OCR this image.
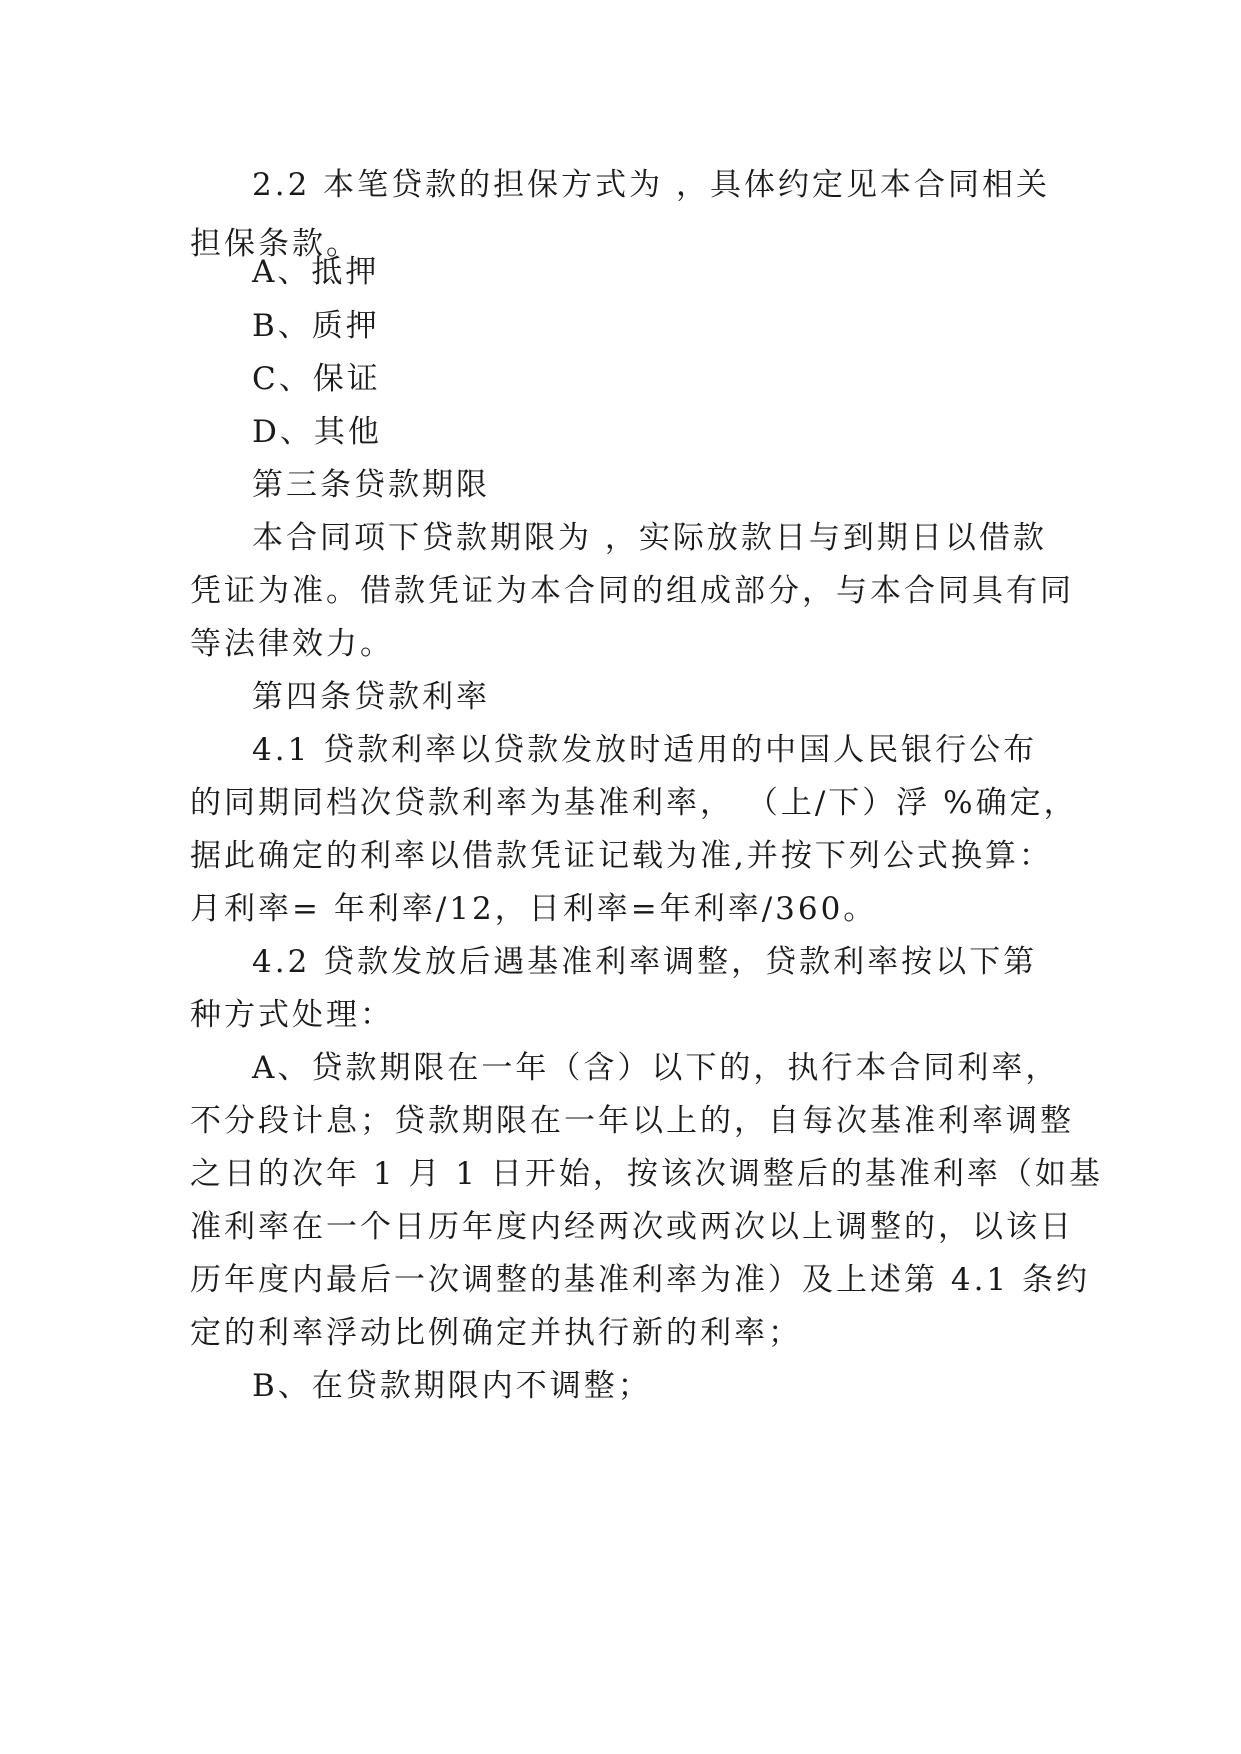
2.2 本笔贷款的担保方式为 ，具体约定见本合同相关
担保条款。
A、抵押
B、质押
C、保证
D、其他
第三条贷款期限
本合同项下贷款期限为 ，实际放款日与到期日以借款
凭证为准。借款凭证为本合同的组成部分，与本合同具有同
等法律效力。
第四条贷款利率
4.1 贷款利率以贷款发放时适用的中国人民银行公布
的同期同档次贷款利率为基准利率， （上/下）浮 %确定，
据此确定的利率以借款凭证记载为准,并按下列公式换算：
月利率= 年利率/12，日利率=年利率/360。
4.2 贷款发放后遇基准利率调整，贷款利率按以下第
种方式处理：
A、贷款期限在一年（含）以下的，执行本合同利率，
不分段计息；贷款期限在一年以上的，自每次基准利率调整
之日的次年 1 月 1 日开始，按该次调整后的基准利率（如基
准利率在一个日历年度内经两次或两次以上调整的，以该日
历年度内最后一次调整的基准利率为准）及上述第 4.1 条约
定的利率浮动比例确定并执行新的利率；
B、在贷款期限内不调整；
